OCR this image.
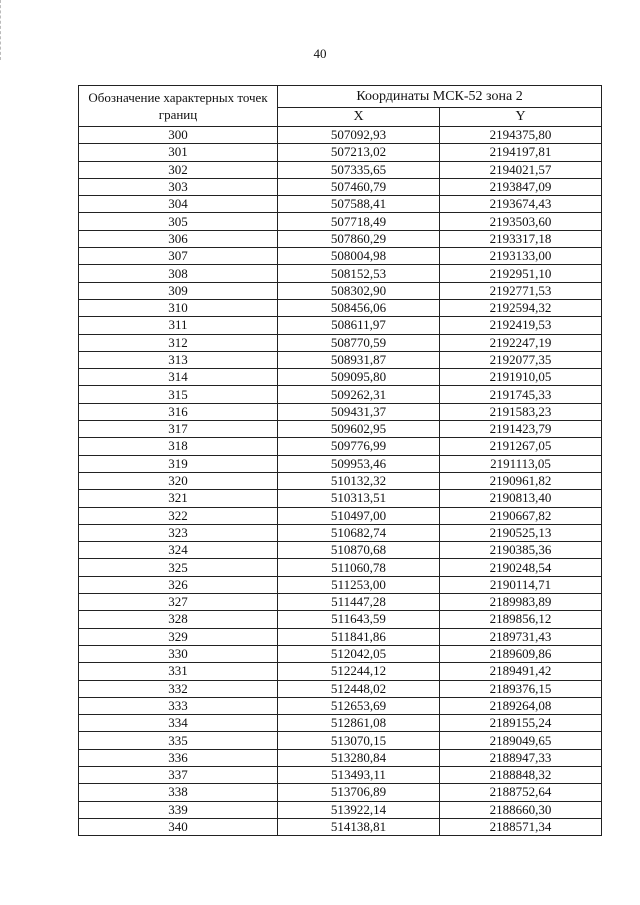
40
Обозначение характерных точек границ	Координаты МСК-52 зона 2	
	X	Y
300	507092,93	2194375,80
301	507213,02	2194197,81
302	507335,65	2194021,57
303	507460,79	2193847,09
304	507588,41	2193674,43
305	507718,49	2193503,60
306	507860,29	2193317,18
307	508004,98	2193133,00
308	508152,53	2192951,10
309	508302,90	2192771,53
310	508456,06	2192594,32
311	508611,97	2192419,53
312	508770,59	2192247,19
313	508931,87	2192077,35
314	509095,80	2191910,05
315	509262,31	2191745,33
316	509431,37	2191583,23
317	509602,95	2191423,79
318	509776,99	2191267,05
319	509953,46	2191113,05
320	510132,32	2190961,82
321	510313,51	2190813,40
322	510497,00	2190667,82
323	510682,74	2190525,13
324	510870,68	2190385,36
325	511060,78	2190248,54
326	511253,00	2190114,71
327	511447,28	2189983,89
328	511643,59	2189856,12
329	511841,86	2189731,43
330	512042,05	2189609,86
331	512244,12	2189491,42
332	512448,02	2189376,15
333	512653,69	2189264,08
334	512861,08	2189155,24
335	513070,15	2189049,65
336	513280,84	2188947,33
337	513493,11	2188848,32
338	513706,89	2188752,64
339	513922,14	2188660,30
340	514138,81	2188571,34
